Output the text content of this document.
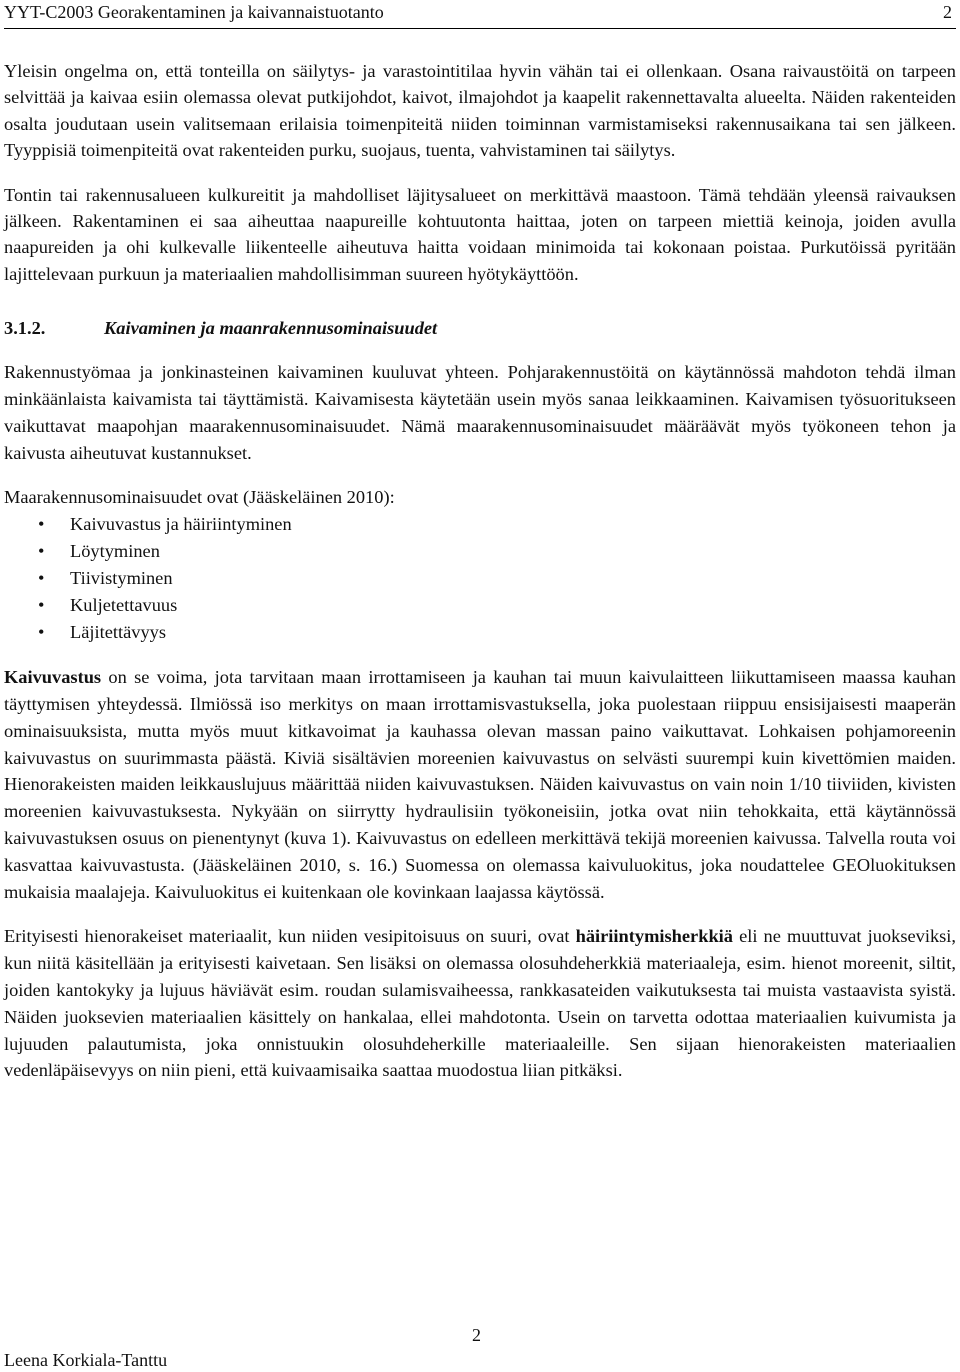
YYT-C2003 Georakentaminen ja kaivannaistuotanto	2

Yleisin ongelma on, että tonteilla on säilytys- ja varastointitilaa hyvin vähän tai ei ollenkaan. Osana raivaustöitä on tarpeen selvittää ja kaivaa esiin olemassa olevat putkijohdot, kaivot, ilmajohdot ja kaapelit rakennettavalta alueelta. Näiden rakenteiden osalta joudutaan usein valitsemaan erilaisia toimenpiteitä niiden toiminnan varmistamiseksi rakennusaikana tai sen jälkeen. Tyyppisiä toimenpiteitä ovat rakenteiden purku, suojaus, tuenta, vahvistaminen tai säilytys.

Tontin tai rakennusalueen kulkureitit ja mahdolliset läjitysalueet on merkittävä maastoon. Tämä tehdään yleensä raivauksen jälkeen. Rakentaminen ei saa aiheuttaa naapureille kohtuutonta haittaa, joten on tarpeen miettiä keinoja, joiden avulla naapureiden ja ohi kulkevalle liikenteelle aiheutuva haitta voidaan minimoida tai kokonaan poistaa. Purkutöissä pyritään lajittelevaan purkuun ja materiaalien mahdollisimman suureen hyötykäyttöön.

3.1.2.	Kaivaminen ja maanrakennusominaisuudet

Rakennustyömaa ja jonkinasteinen kaivaminen kuuluvat yhteen. Pohjarakennustöitä on käytännössä mahdoton tehdä ilman minkäänlaista kaivamista tai täyttämistä. Kaivamisesta käytetään usein myös sanaa leikkaaminen. Kaivamisen työsuoritukseen vaikuttavat maapohjan maarakennusominaisuudet. Nämä maarakennusominaisuudet määräävät myös työkoneen tehon ja kaivusta aiheutuvat kustannukset.

Maarakennusominaisuudet ovat (Jääskeläinen 2010):

• Kaivuvastus ja häiriintyminen
• Löytyminen
• Tiivistyminen
• Kuljetettavuus
• Läjitettävyys

Kaivuvastus on se voima, jota tarvitaan maan irrottamiseen ja kauhan tai muun kaivulaitteen liikuttamiseen maassa kauhan täyttymisen yhteydessä. Ilmiössä iso merkitys on maan irrottamisvastuksella, joka puolestaan riippuu ensisijaisesti maaperän ominaisuuksista, mutta myös muut kitkavoimat ja kauhassa olevan massan paino vaikuttavat. Lohkaisen pohjamoreenin kaivuvastus on suurimmasta päästä. Kiviä sisältävien moreenien kaivuvastus on selvästi suurempi kuin kivettömien maiden. Hienorakeisten maiden leikkauslujuus määrittää niiden kaivuvastuksen. Näiden kaivuvastus on vain noin 1/10 tiiviiden, kivisten moreenien kaivuvastuksesta. Nykyään on siirrytty hydraulisiin työkoneisiin, jotka ovat niin tehokkaita, että käytännössä kaivuvastuksen osuus on pienentynyt (kuva 1). Kaivuvastus on edelleen merkittävä tekijä moreenien kaivussa. Talvella routa voi kasvattaa kaivuvastusta. (Jääskeläinen 2010, s. 16.) Suomessa on olemassa kaivuluokitus, joka noudattelee GEOluokituksen mukaisia maalajeja. Kaivuluokitus ei kuitenkaan ole kovinkaan laajassa käytössä.

Erityisesti hienorakeiset materiaalit, kun niiden vesipitoisuus on suuri, ovat häiriintymisherkkiä eli ne muuttuvat juokseviksi, kun niitä käsitellään ja erityisesti kaivetaan. Sen lisäksi on olemassa olosuhdeherkkiä materiaaleja, esim. hienot moreenit, siltit, joiden kantokyky ja lujuus häviävät esim. roudan sulamisvaiheessa, rankkasateiden vaikutuksesta tai muista vastaavista syistä. Näiden juoksevien materiaalien käsittely on hankalaa, ellei mahdotonta. Usein on tarvetta odottaa materiaalien kuivumista ja lujuuden palautumista, joka onnistuukin olosuhdeherkille materiaaleille. Sen sijaan hienorakeisten materiaalien vedenläpäisevyys on niin pieni, että kuivaamisaika saattaa muodostua liian pitkäksi.

2
Leena Korkiala-Tanttu
